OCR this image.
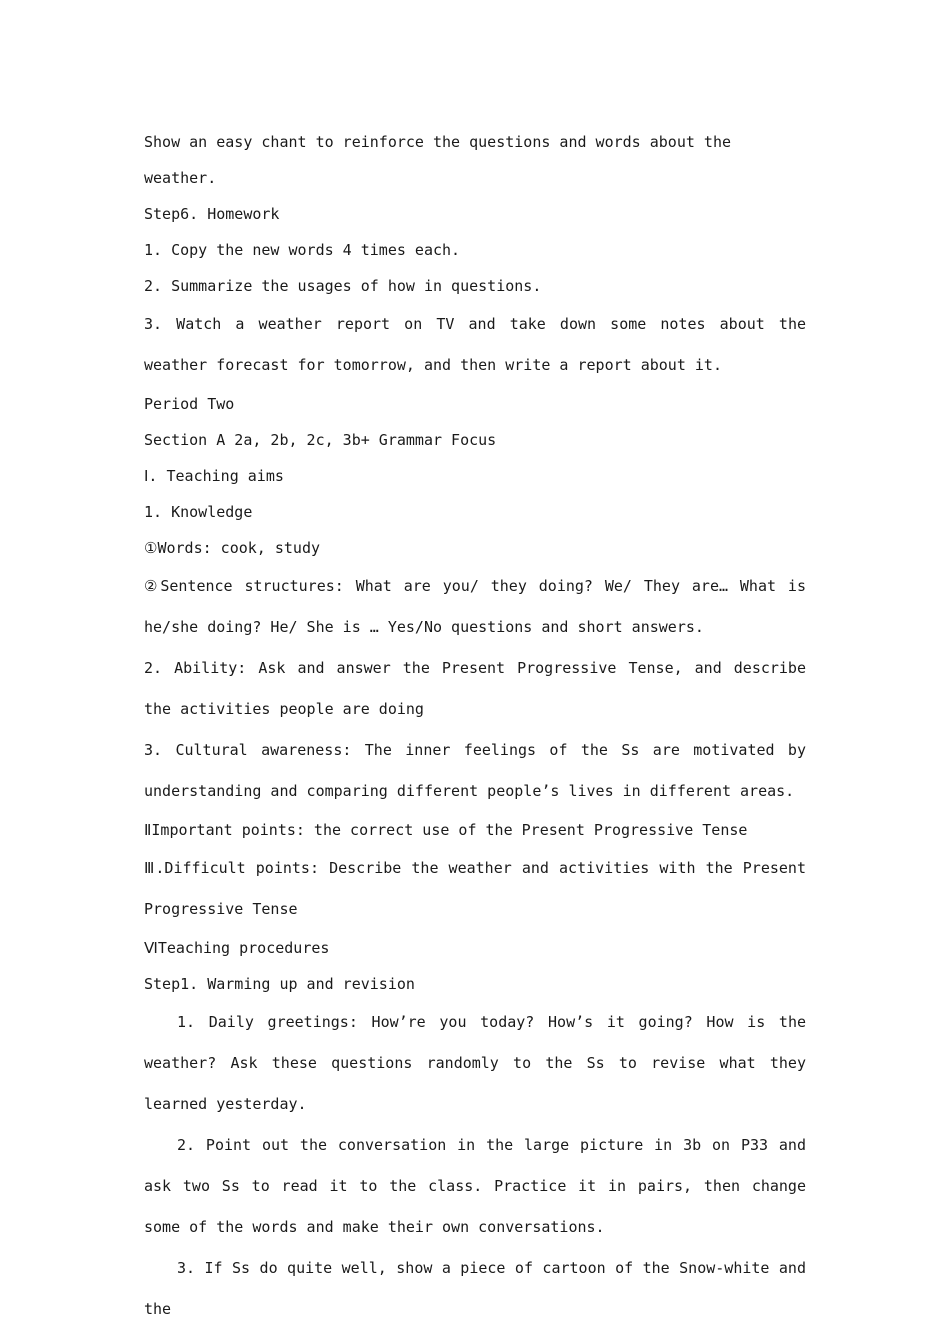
Show an easy chant to reinforce the questions and words about the weather.

Step6. Homework

1. Copy the new words 4 times each.

2. Summarize the usages of how in questions.

3. Watch a weather report on TV and take down some notes about the weather forecast for tomorrow, and then write a report about it.

Period Two

Section A 2a, 2b, 2c, 3b+ Grammar Focus

Ⅰ. Teaching aims

1. Knowledge

①Words: cook, study

②Sentence structures: What are you/ they doing? We/ They are… What is he/she doing? He/ She is … Yes/No questions and short answers.

2. Ability: Ask and answer the Present Progressive Tense, and describe the activities people are doing

3. Cultural awareness: The inner feelings of the Ss are motivated by understanding and comparing different people’s lives in different areas.

ⅡImportant points: the correct use of the Present Progressive Tense

Ⅲ.Difficult points: Describe the weather and activities with the Present Progressive Tense

ⅥTeaching procedures

Step1. Warming up and revision

1. Daily greetings: How’re you today? How’s it going? How is the weather? Ask these questions randomly to the Ss to revise what they learned yesterday.

2. Point out the conversation in the large picture in 3b on P33 and ask two Ss to read it to the class. Practice it in pairs, then change some of the words and make their own conversations.

3. If Ss do quite well, show a piece of cartoon of the Snow-white and the
